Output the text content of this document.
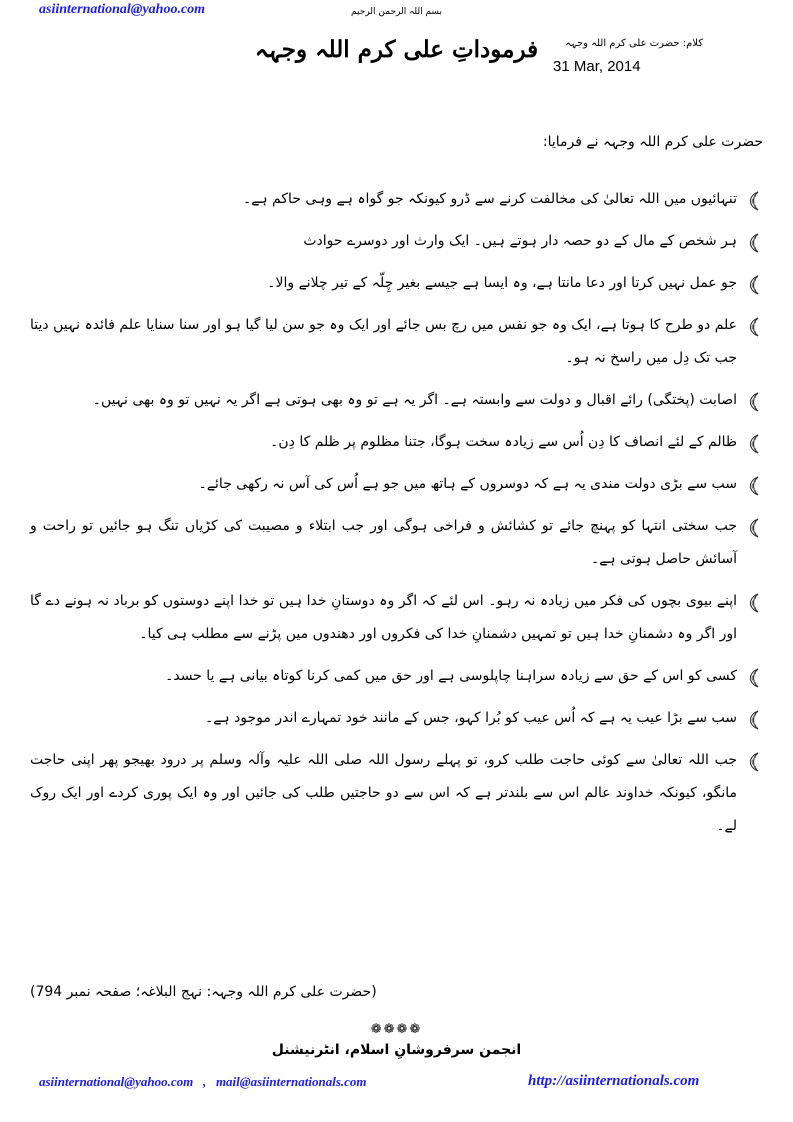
asiinternational@yahoo.com	بسم اللہ الرحمن الرحیم
فرموداتِ علی کرم اللہ وجہہ	کلام: حضرت علی کرم اللہ وجہہ
31 Mar, 2014
حضرت علی کرم اللہ وجہہ نے فرمایا:
تنہائیوں میں اللہ تعالیٰ کی مخالفت کرنے سے ڈرو کیونکہ جو گواہ ہے وہی حاکم ہے۔
ہر شخص کے مال کے دو حصہ دار ہوتے ہیں۔ ایک وارث اور دوسرے حوادث
جو عمل نہیں کرتا اور دعا مانتا ہے، وہ ایسا ہے جیسے بغیر چِلّہ کے تیر چلانے والا۔
علم دو طرح کا ہوتا ہے، ایک وہ جو نفس میں رچ بس جائے اور ایک وہ جو سن لیا گیا ہو اور سنا سنایا علم فائدہ نہیں دیتا جب تک دِل میں راسخ نہ ہو۔
اصابت (پختگی) رائے اقبال و دولت سے وابستہ ہے۔ اگر یہ ہے تو وہ بھی ہوتی ہے اگر یہ نہیں تو وہ بھی نہیں۔
ظالم کے لئے انصاف کا دِن اُس سے زیادہ سخت ہوگا، جتنا مظلوم پر ظلم کا دِن۔
سب سے بڑی دولت مندی یہ ہے کہ دوسروں کے ہاتھ میں جو ہے اُس کی آس نہ رکھی جائے۔
جب سختی انتہا کو پہنچ جائے تو کشائش و فراخی ہوگی اور جب ابتلاء و مصیبت کی کڑیاں تنگ ہو جائیں تو راحت و آسائش حاصل ہوتی ہے۔
اپنے بیوی بچوں کی فکر میں زیادہ نہ رہو۔ اس لئے کہ اگر وہ دوستانِ خدا ہیں تو خدا اپنے دوستوں کو برباد نہ ہونے دے گا اور اگر وہ دشمنانِ خدا ہیں تو تمہیں دشمنانِ خدا کی فکروں اور دھندوں میں پڑنے سے مطلب ہی کیا۔
کسی کو اس کے حق سے زیادہ سراہنا چاپلوسی ہے اور حق میں کمی کرنا کوتاہ بیانی ہے یا حسد۔
سب سے بڑا عیب یہ ہے کہ اُس عیب کو بُرا کہو، جس کے مانند خود تمہارے اندر موجود ہے۔
جب اللہ تعالیٰ سے کوئی حاجت طلب کرو، تو پہلے رسول اللہ صلی اللہ علیہ وآلہ وسلم پر درود بھیجو پھر اپنی حاجت مانگو، کیونکہ خداوند عالم اس سے بلندتر ہے کہ اس سے دو حاجتیں طلب کی جائیں اور وہ ایک پوری کردے اور ایک روک لے۔
(حضرت علی کرم اللہ وجہہ: نہج البلاغہ؛ صفحہ نمبر 794)
❁❁❁❁
انجمن سرفروشانِ اسلام، انٹرنیشنل
asiinternational@yahoo.com   ,   mail@asiinternationals.com	http://asiinternationals.com
